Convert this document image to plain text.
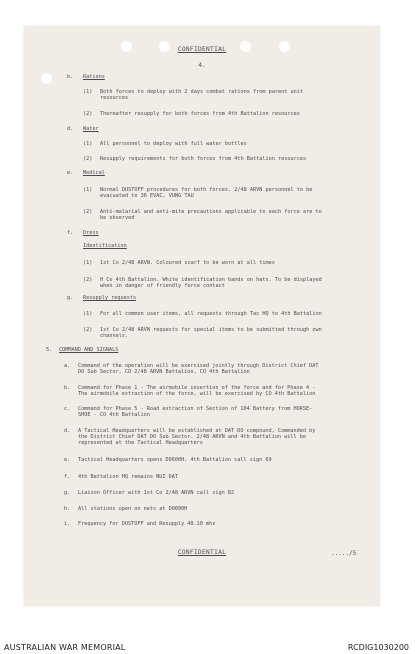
CONFIDENTIAL
4.
b. Rations
(1) Both forces to deploy with 2 days combat rations from parent unit
resources
(2) Thereafter resupply for both forces from 4th Battalion resources
d. Water
(1) All personnel to deploy with full water bottles
(2) Resupply requirements for both forces from 4th Battalion resources
e. Medical
(1) Normal DUSTOFF procedures for both forces. 2/48 ARVN personnel to be
evacuated to 36 EVAC, VUNG TAU
(2) Anti-malarial and anti-mite precautions applicable to each force are to
be observed
f. Dress
Identification
(1) 1st Co 2/48 ARVN. Coloured scarf to be worn at all times
(2) H Co 4th Battalion. White identification bands on hats. To be displayed
when in danger of friendly force contact
g. Resupply requests
(1) For all common user items, all requests through Tac HQ to 4th Battalion
(2) 1st Co 2/48 ARVN requests for special items to be submitted through own
channels.
5. COMMAND AND SIGNALS
a. Command of the operation will be exercised jointly through District Chief DAT
DO Sub Sector, CO 2/48 ARVN Battalion, CO 4th Battalion
b. Command for Phase 1 - The airmobile insertion of the force and for Phase 4 -
The airmobile extraction of the force, will be exercised by CO 4th Battalion
c. Command for Phase 5 - Road extraction of Section of 104 Battery from HORSE-
SHOE - CO 4th Battalion
d. A Tactical Headquarters will be established at DAT DO compound, Commanded by
the District Chief DAT DO Sub Sector. 2/48 ARVN and 4th Battalion will be
represented at the Tactical Headquarters
e. Tactical Headquarters opens D0600H. 4th Battalion call sign 69
f. 4th Battalion HQ remains NUI DAT
g. Liaison Officer with 1st Co 2/48 ARVN call sign B2
h. All stations open on nets at D0600H
i. Frequency for DUSTOFF and Resupply 48.10 mhz
CONFIDENTIAL	...../5
AUSTRALIAN WAR MEMORIAL	RCDIG1030200
